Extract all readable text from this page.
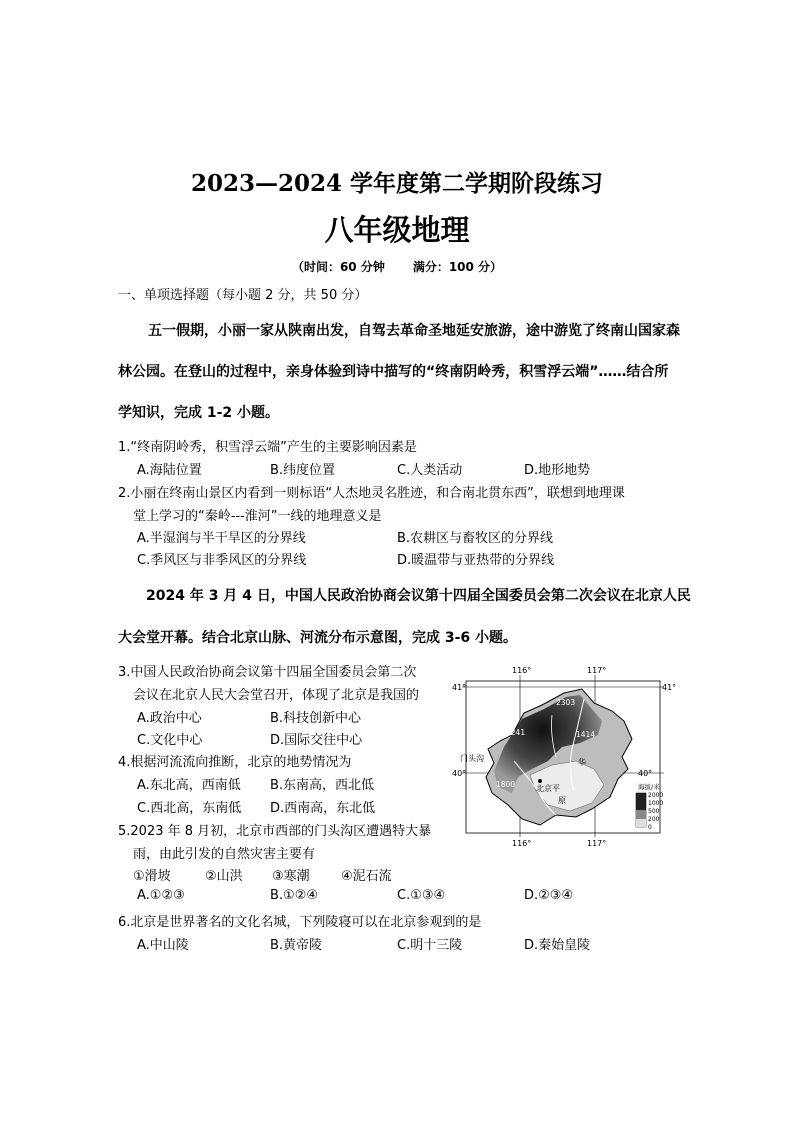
2023—2024 学年度第二学期阶段练习
八年级地理
（时间：60 分钟 满分：100 分）
一、单项选择题（每小题 2 分，共 50 分）
五一假期，小丽一家从陕南出发，自驾去革命圣地延安旅游，途中游览了终南山国家森
林公园。在登山的过程中，亲身体验到诗中描写的“终南阴岭秀，积雪浮云端”……结合所
学知识，完成 1-2 小题。
1.“终南阴岭秀，积雪浮云端”产生的主要影响因素是
A.海陆位置	B.纬度位置	C.人类活动	D.地形地势
2.小丽在终南山景区内看到一则标语“人杰地灵名胜迹，和合南北贯东西”，联想到地理课
堂上学习的“秦岭---淮河”一线的地理意义是
A.半湿润与半干旱区的分界线	B.农耕区与畜牧区的分界线
C.季风区与非季风区的分界线	D.暖温带与亚热带的分界线
2024 年 3 月 4 日，中国人民政治协商会议第十四届全国委员会第二次会议在北京人民
大会堂开幕。结合北京山脉、河流分布示意图，完成 3-6 小题。
3.中国人民政治协商会议第十四届全国委员会第二次
会议在北京人民大会堂召开，体现了北京是我国的
A.政治中心	B.科技创新中心
C.文化中心	D.国际交往中心
4.根据河流流向推断，北京的地势情况为
A.东北高，西南低 B.东南高，西北低
C.西北高，东南低 D.西南高，东北低
5.2023 年 8 月初，北京市西部的门头沟区遭遇特大暴
雨，由此引发的自然灾害主要有
①滑坡	②山洪 ③寒潮 ④泥石流
A.①②③	B.①②④	C.①③④	D.②③④
6.北京是世界著名的文化名城，下列陵寝可以在北京参观到的是
A.中山陵	B.黄帝陵	C.明十三陵	D.秦始皇陵
116°	117°
116°	117°
41°	41°
40°	40°
2303
2241	1414
1800
门头沟
北京平
原
华
海拔/米
2000
1000
500
200
0
